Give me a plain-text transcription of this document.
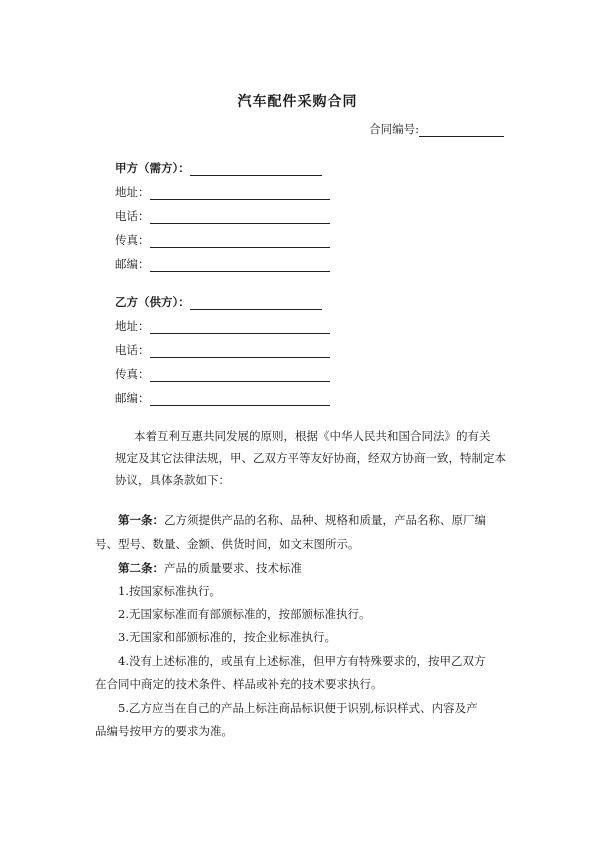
汽车配件采购合同
合同编号:
甲方（需方）：
地址：
电话：
传真：
邮编：
乙方（供方）：
地址：
电话：
传真：
邮编：
本着互利互惠共同发展的原则，根据《中华人民共和国合同法》的有关
规定及其它法律法规，甲、乙双方平等友好协商，经双方协商一致，特制定本
协议，具体条款如下：
第一条：乙方须提供产品的名称、品种、规格和质量，产品名称、原厂编
号、型号、数量、金额、供货时间，如文末图所示。
第二条：产品的质量要求、技术标准
1.按国家标准执行。
2.无国家标准而有部颁标准的，按部颁标准执行。
3.无国家和部颁标准的，按企业标准执行。
4.没有上述标准的，或虽有上述标准，但甲方有特殊要求的，按甲乙双方
在合同中商定的技术条件、样品或补充的技术要求执行。
5.乙方应当在自己的产品上标注商品标识便于识别,标识样式、内容及产
品编号按甲方的要求为准。
